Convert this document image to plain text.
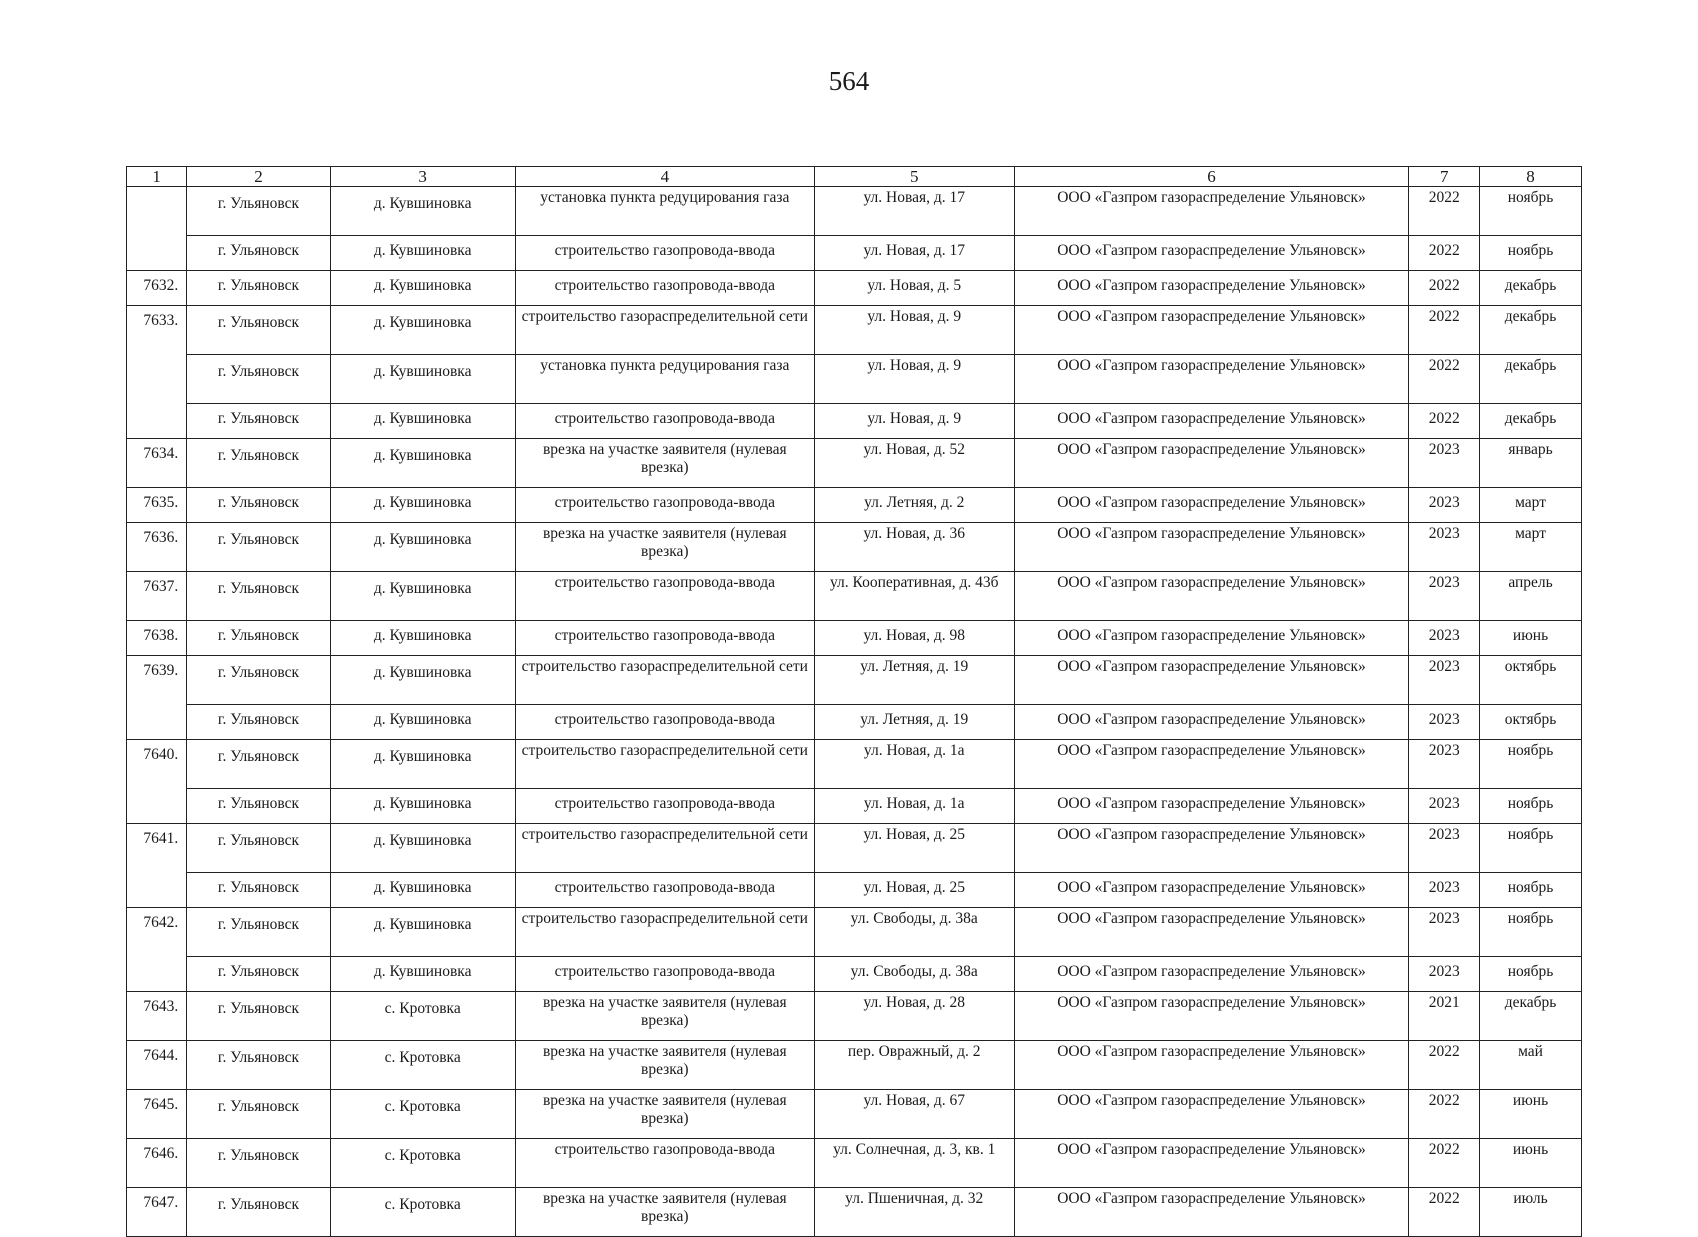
564
1	2	3	4	5	6	7	8
	г. Ульяновск	д. Кувшиновка	установка пункта редуцирования газа	ул. Новая, д. 17	ООО «Газпром газораспределение Ульяновск»	2022	ноябрь
	г. Ульяновск	д. Кувшиновка	строительство газопровода-ввода	ул. Новая, д. 17	ООО «Газпром газораспределение Ульяновск»	2022	ноябрь
7632.	г. Ульяновск	д. Кувшиновка	строительство газопровода-ввода	ул. Новая, д. 5	ООО «Газпром газораспределение Ульяновск»	2022	декабрь
7633.	г. Ульяновск	д. Кувшиновка	строительство газораспределительной сети	ул. Новая, д. 9	ООО «Газпром газораспределение Ульяновск»	2022	декабрь
	г. Ульяновск	д. Кувшиновка	установка пункта редуцирования газа	ул. Новая, д. 9	ООО «Газпром газораспределение Ульяновск»	2022	декабрь
	г. Ульяновск	д. Кувшиновка	строительство газопровода-ввода	ул. Новая, д. 9	ООО «Газпром газораспределение Ульяновск»	2022	декабрь
7634.	г. Ульяновск	д. Кувшиновка	врезка на участке заявителя (нулевая врезка)	ул. Новая, д. 52	ООО «Газпром газораспределение Ульяновск»	2023	январь
7635.	г. Ульяновск	д. Кувшиновка	строительство газопровода-ввода	ул. Летняя, д. 2	ООО «Газпром газораспределение Ульяновск»	2023	март
7636.	г. Ульяновск	д. Кувшиновка	врезка на участке заявителя (нулевая врезка)	ул. Новая, д. 36	ООО «Газпром газораспределение Ульяновск»	2023	март
7637.	г. Ульяновск	д. Кувшиновка	строительство газопровода-ввода	ул. Кооперативная, д. 43б	ООО «Газпром газораспределение Ульяновск»	2023	апрель
7638.	г. Ульяновск	д. Кувшиновка	строительство газопровода-ввода	ул. Новая, д. 98	ООО «Газпром газораспределение Ульяновск»	2023	июнь
7639.	г. Ульяновск	д. Кувшиновка	строительство газораспределительной сети	ул. Летняя, д. 19	ООО «Газпром газораспределение Ульяновск»	2023	октябрь
	г. Ульяновск	д. Кувшиновка	строительство газопровода-ввода	ул. Летняя, д. 19	ООО «Газпром газораспределение Ульяновск»	2023	октябрь
7640.	г. Ульяновск	д. Кувшиновка	строительство газораспределительной сети	ул. Новая, д. 1а	ООО «Газпром газораспределение Ульяновск»	2023	ноябрь
	г. Ульяновск	д. Кувшиновка	строительство газопровода-ввода	ул. Новая, д. 1а	ООО «Газпром газораспределение Ульяновск»	2023	ноябрь
7641.	г. Ульяновск	д. Кувшиновка	строительство газораспределительной сети	ул. Новая, д. 25	ООО «Газпром газораспределение Ульяновск»	2023	ноябрь
	г. Ульяновск	д. Кувшиновка	строительство газопровода-ввода	ул. Новая, д. 25	ООО «Газпром газораспределение Ульяновск»	2023	ноябрь
7642.	г. Ульяновск	д. Кувшиновка	строительство газораспределительной сети	ул. Свободы, д. 38а	ООО «Газпром газораспределение Ульяновск»	2023	ноябрь
	г. Ульяновск	д. Кувшиновка	строительство газопровода-ввода	ул. Свободы, д. 38а	ООО «Газпром газораспределение Ульяновск»	2023	ноябрь
7643.	г. Ульяновск	с. Кротовка	врезка на участке заявителя (нулевая врезка)	ул. Новая, д. 28	ООО «Газпром газораспределение Ульяновск»	2021	декабрь
7644.	г. Ульяновск	с. Кротовка	врезка на участке заявителя (нулевая врезка)	пер. Овражный, д. 2	ООО «Газпром газораспределение Ульяновск»	2022	май
7645.	г. Ульяновск	с. Кротовка	врезка на участке заявителя (нулевая врезка)	ул. Новая, д. 67	ООО «Газпром газораспределение Ульяновск»	2022	июнь
7646.	г. Ульяновск	с. Кротовка	строительство газопровода-ввода	ул. Солнечная, д. 3, кв. 1	ООО «Газпром газораспределение Ульяновск»	2022	июнь
7647.	г. Ульяновск	с. Кротовка	врезка на участке заявителя (нулевая врезка)	ул. Пшеничная, д. 32	ООО «Газпром газораспределение Ульяновск»	2022	июль
